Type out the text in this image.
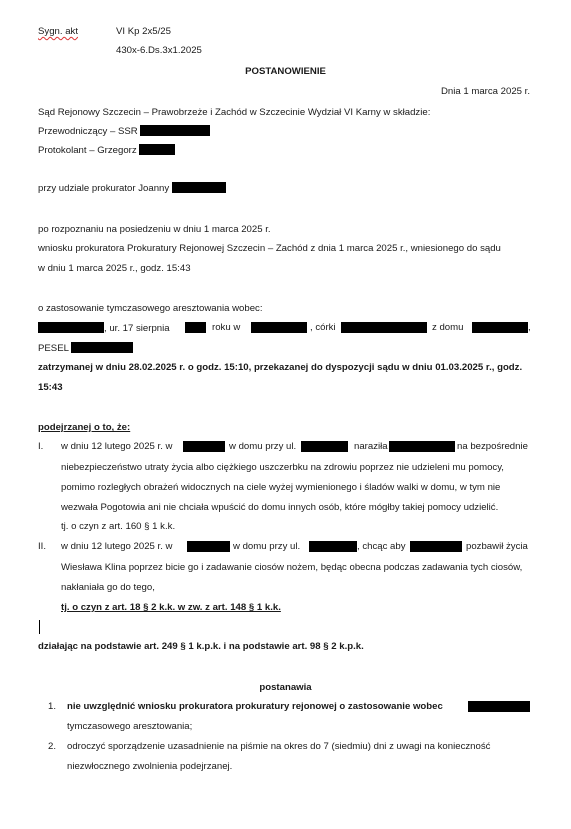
Sygn. akt	VI Kp 2x5/25
430x-6.Ds.3x1.2025
POSTANOWIENIE
Dnia 1 marca 2025 r.
Sąd Rejonowy Szczecin – Prawobrzeże i Zachód w Szczecinie Wydział VI Karny w składzie:
Przewodniczący – SSR
Protokolant – Grzegorz
przy udziale prokurator Joanny
po rozpoznaniu na posiedzeniu w dniu 1 marca 2025 r.
wniosku prokuratora Prokuratury Rejonowej Szczecin – Zachód z dnia 1 marca 2025 r., wniesionego do sądu
w dniu 1 marca 2025 r., godz. 15:43
o zastosowanie tymczasowego aresztowania wobec:
, ur. 17 sierpnia	roku w	, córki	z domu	,
PESEL
zatrzymanej w dniu 28.02.2025 r. o godz. 15:10, przekazanej do dyspozycji sądu w dniu 01.03.2025 r., godz.
15:43
podejrzanej o to, że:
I. w dniu 12 lutego 2025 r. w	w domu przy ul.	naraziła	na bezpośrednie
niebezpieczeństwo utraty życia albo ciężkiego uszczerbku na zdrowiu poprzez nie udzieleni mu pomocy,
pomimo rozległych obrażeń widocznych na ciele wyżej wymienionego i śladów walki w domu, w tym nie
wezwała Pogotowia ani nie chciała wpuścić do domu innych osób, które mógłby takiej pomocy udzielić.
tj. o czyn z art. 160 § 1 k.k.
II. w dniu 12 lutego 2025 r. w	w domu przy ul.	, chcąc aby	pozbawił życia
Wiesława Klina poprzez bicie go i zadawanie ciosów nożem, będąc obecna podczas zadawania tych ciosów,
nakłaniała go do tego,
tj. o czyn z art. 18 § 2 k.k. w zw. z art. 148 § 1 k.k.
działając na podstawie art. 249 § 1 k.p.k. i na podstawie art. 98 § 2 k.p.k.
postanawia
1. nie uwzględnić wniosku prokuratora prokuratury rejonowej o zastosowanie wobec
tymczasowego aresztowania;
2. odroczyć sporządzenie uzasadnienie na piśmie na okres do 7 (siedmiu) dni z uwagi na konieczność
niezwłocznego zwolnienia podejrzanej.
